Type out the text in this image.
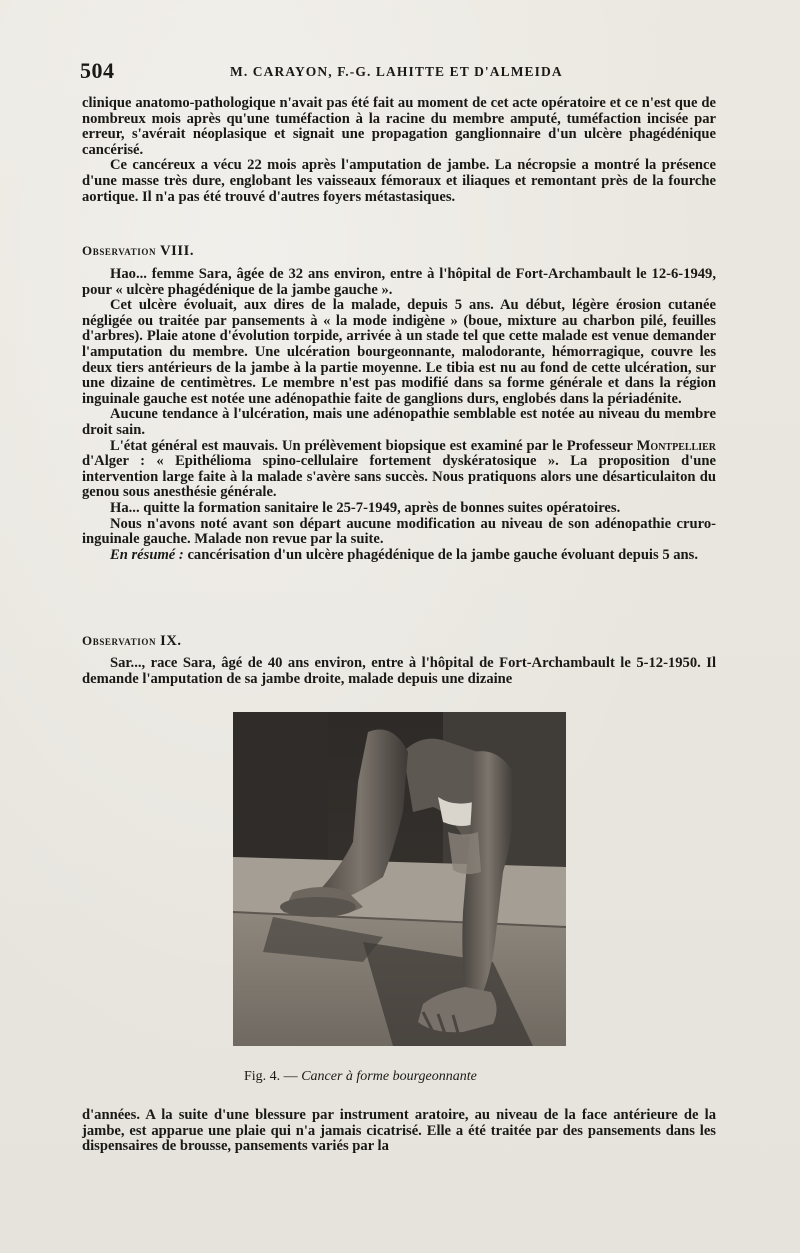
504	M. CARAYON, F.-G. LAHITTE ET D'ALMEIDA

clinique anatomo-pathologique n'avait pas été fait au moment de cet acte opératoire et ce n'est que de nombreux mois après qu'une tuméfaction à la racine du membre amputé, tuméfaction incisée par erreur, s'avérait néoplasique et signait une propagation ganglionnaire d'un ulcère phagédénique cancérisé.

Ce cancéreux a vécu 22 mois après l'amputation de jambe. La nécropsie a montré la présence d'une masse très dure, englobant les vaisseaux fémoraux et iliaques et remontant près de la fourche aortique. Il n'a pas été trouvé d'autres foyers métastasiques.

Observation VIII.

Hao... femme Sara, âgée de 32 ans environ, entre à l'hôpital de Fort-Archambault le 12-6-1949, pour « ulcère phagédénique de la jambe gauche ».

Cet ulcère évoluait, aux dires de la malade, depuis 5 ans. Au début, légère érosion cutanée négligée ou traitée par pansements à « la mode indigène » (boue, mixture au charbon pilé, feuilles d'arbres). Plaie atone d'évolution torpide, arrivée à un stade tel que cette malade est venue demander l'amputation du membre. Une ulcération bourgeonnante, malodorante, hémorragique, couvre les deux tiers antérieurs de la jambe à la partie moyenne. Le tibia est nu au fond de cette ulcération, sur une dizaine de centimètres. Le membre n'est pas modifié dans sa forme générale et dans la région inguinale gauche est notée une adénopathie faite de ganglions durs, englobés dans la périadénite.

Aucune tendance à l'ulcération, mais une adénopathie semblable est notée au niveau du membre droit sain.

L'état général est mauvais. Un prélèvement biopsique est examiné par le Professeur Montpellier d'Alger : « Epithélioma spino-cellulaire fortement dyskératosique ». La proposition d'une intervention large faite à la malade s'avère sans succès. Nous pratiquons alors une désarticulaiton du genou sous anesthésie générale.

Ha... quitte la formation sanitaire le 25-7-1949, après de bonnes suites opératoires.

Nous n'avons noté avant son départ aucune modification au niveau de son adénopathie cruro-inguinale gauche. Malade non revue par la suite.

En résumé : cancérisation d'un ulcère phagédénique de la jambe gauche évoluant depuis 5 ans.

Observation IX.

Sar..., race Sara, âgé de 40 ans environ, entre à l'hôpital de Fort-Archambault le 5-12-1950. Il demande l'amputation de sa jambe droite, malade depuis une dizaine

Fig. 4. — Cancer à forme bourgeonnante

d'années. A la suite d'une blessure par instrument aratoire, au niveau de la face antérieure de la jambe, est apparue une plaie qui n'a jamais cicatrisé. Elle a été traitée par des pansements dans les dispensaires de brousse, pansements variés par la
